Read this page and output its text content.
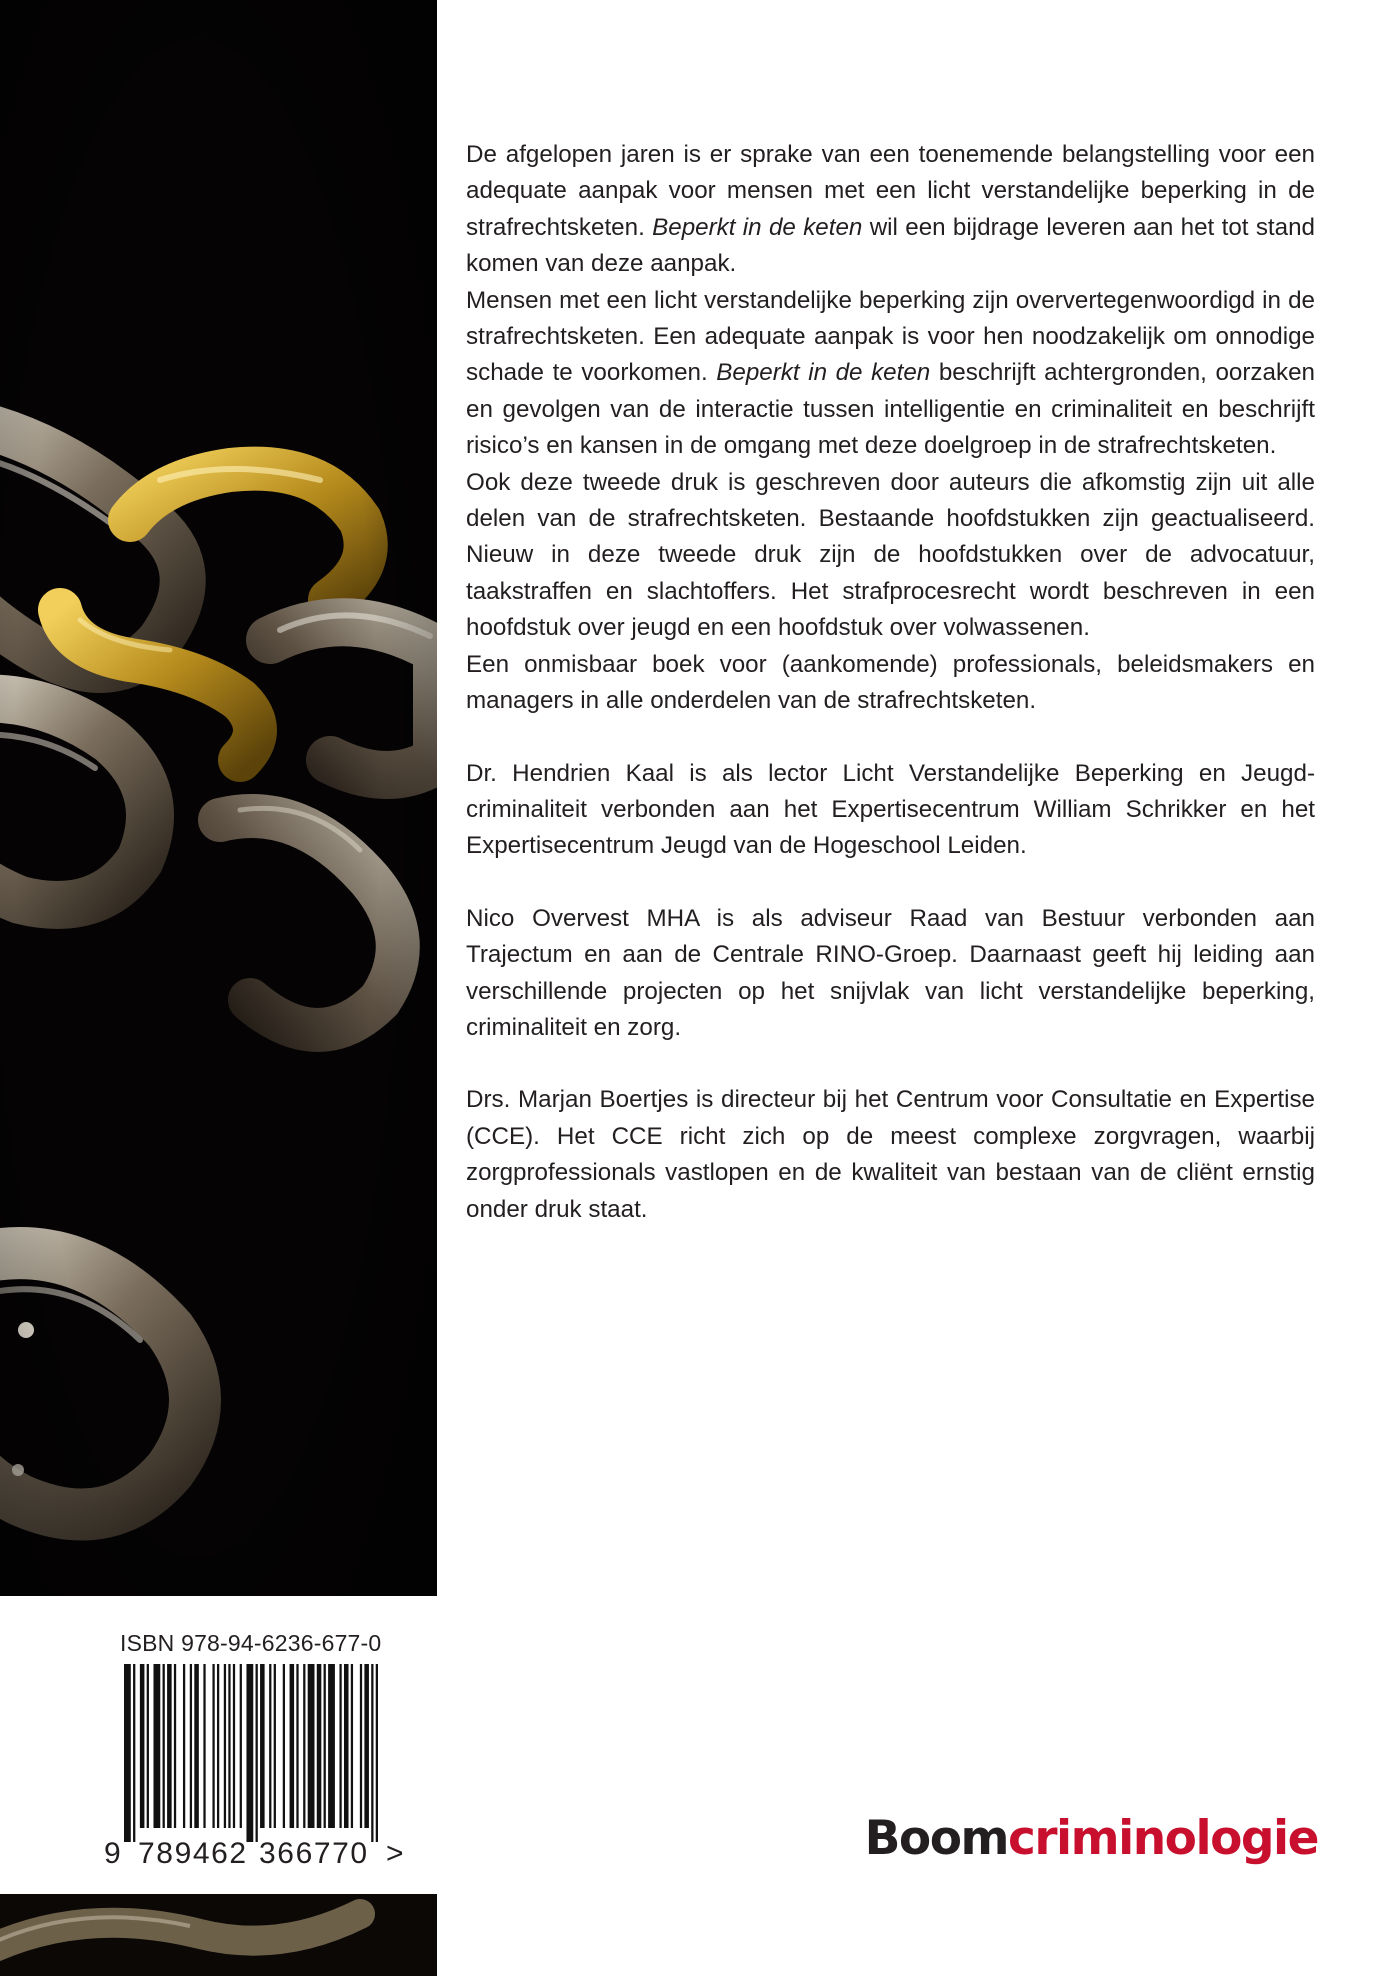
De afgelopen jaren is er sprake van een toenemende belangstelling voor een adequate aanpak voor mensen met een licht verstandelijke beperking in de strafrechtsketen. Beperkt in de keten wil een bijdrage leveren aan het tot stand komen van deze aanpak.

Mensen met een licht verstandelijke beperking zijn oververtegenwoordigd in de strafrechtsketen. Een adequate aanpak is voor hen noodzakelijk om onnodige schade te voorkomen. Beperkt in de keten beschrijft achtergronden, oorzaken en gevolgen van de interactie tussen intelligentie en criminaliteit en beschrijft risico’s en kansen in de omgang met deze doelgroep in de strafrechtsketen.

Ook deze tweede druk is geschreven door auteurs die afkomstig zijn uit alle delen van de strafrechtsketen. Bestaande hoofdstukken zijn geactualiseerd. Nieuw in deze tweede druk zijn de hoofdstukken over de advocatuur, taakstraffen en slachtoffers. Het strafprocesrecht wordt beschreven in een hoofdstuk over jeugd en een hoofdstuk over volwassenen.

Een onmisbaar boek voor (aankomende) professionals, beleidsmakers en managers in alle onderdelen van de strafrechtsketen.

Dr. Hendrien Kaal is als lector Licht Verstandelijke Beperking en Jeugdcriminaliteit verbonden aan het Expertisecentrum William Schrikker en het Expertisecentrum Jeugd van de Hogeschool Leiden.

Nico Overvest MHA is als adviseur Raad van Bestuur verbonden aan Trajectum en aan de Centrale RINO-Groep. Daarnaast geeft hij leiding aan verschillende projecten op het snijvlak van licht verstandelijke beperking, criminaliteit en zorg.

Drs. Marjan Boertjes is directeur bij het Centrum voor Consultatie en Expertise (CCE). Het CCE richt zich op de meest complexe zorgvragen, waarbij zorgprofessionals vastlopen en de kwaliteit van bestaan van de cliënt ernstig onder druk staat.

ISBN 978-94-6236-677-0
9 789462 366770 >	Boomcriminologie
